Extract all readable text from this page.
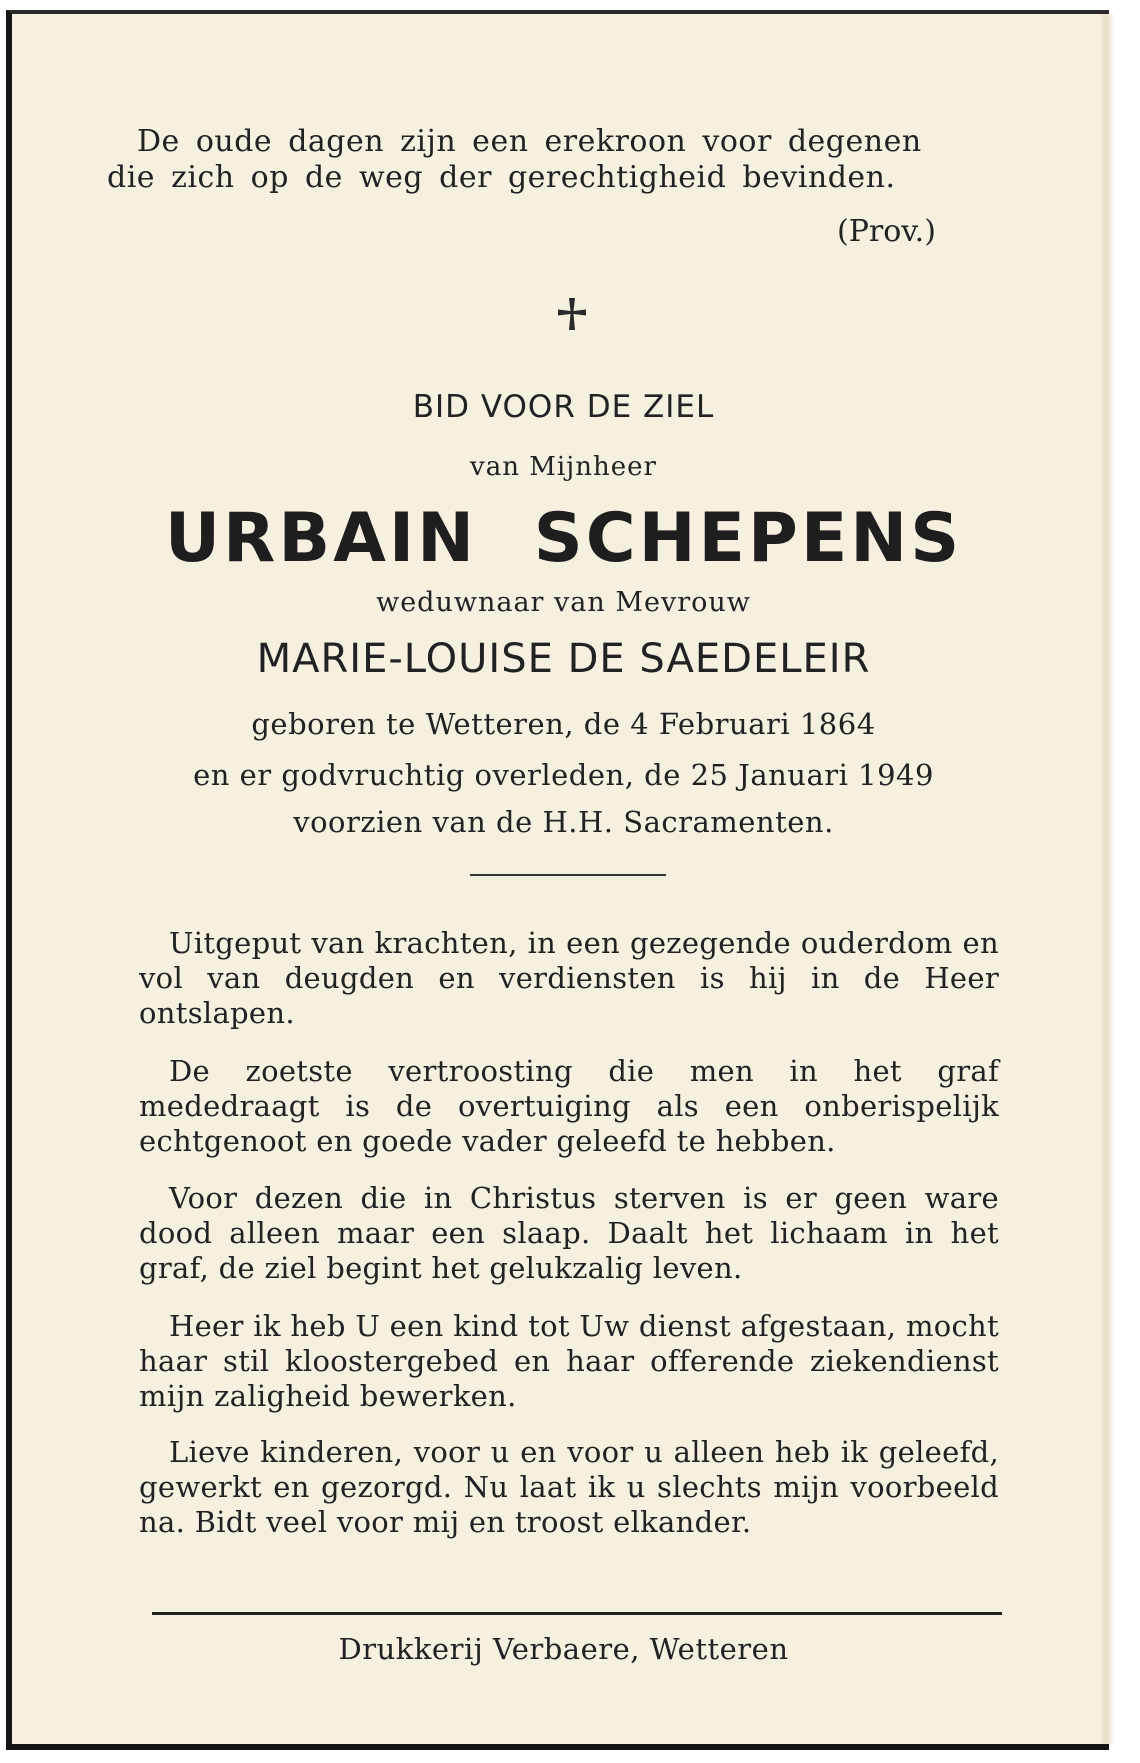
De oude dagen zijn een erekroon voor degenen
die zich op de weg der gerechtigheid bevinden.
(Prov.)
BID VOOR DE ZIEL
van Mijnheer
URBAIN SCHEPENS
weduwnaar van Mevrouw
MARIE-LOUISE DE SAEDELEIR
geboren te Wetteren, de 4 Februari 1864
en er godvruchtig overleden, de 25 Januari 1949
voorzien van de H.H. Sacramenten.
Uitgeput van krachten, in een gezegende ouderdom en vol van deugden en verdiensten is hij in de Heer ontslapen.
De zoetste vertroosting die men in het graf mededraagt is de overtuiging als een onberispelijk echtgenoot en goede vader geleefd te hebben.
Voor dezen die in Christus sterven is er geen ware dood alleen maar een slaap. Daalt het lichaam in het graf, de ziel begint het gelukzalig leven.
Heer ik heb U een kind tot Uw dienst afgestaan, mocht haar stil kloostergebed en haar offerende ziekendienst mijn zaligheid bewerken.
Lieve kinderen, voor u en voor u alleen heb ik geleefd, gewerkt en gezorgd. Nu laat ik u slechts mijn voorbeeld na. Bidt veel voor mij en troost elkander.
Drukkerij Verbaere, Wetteren
